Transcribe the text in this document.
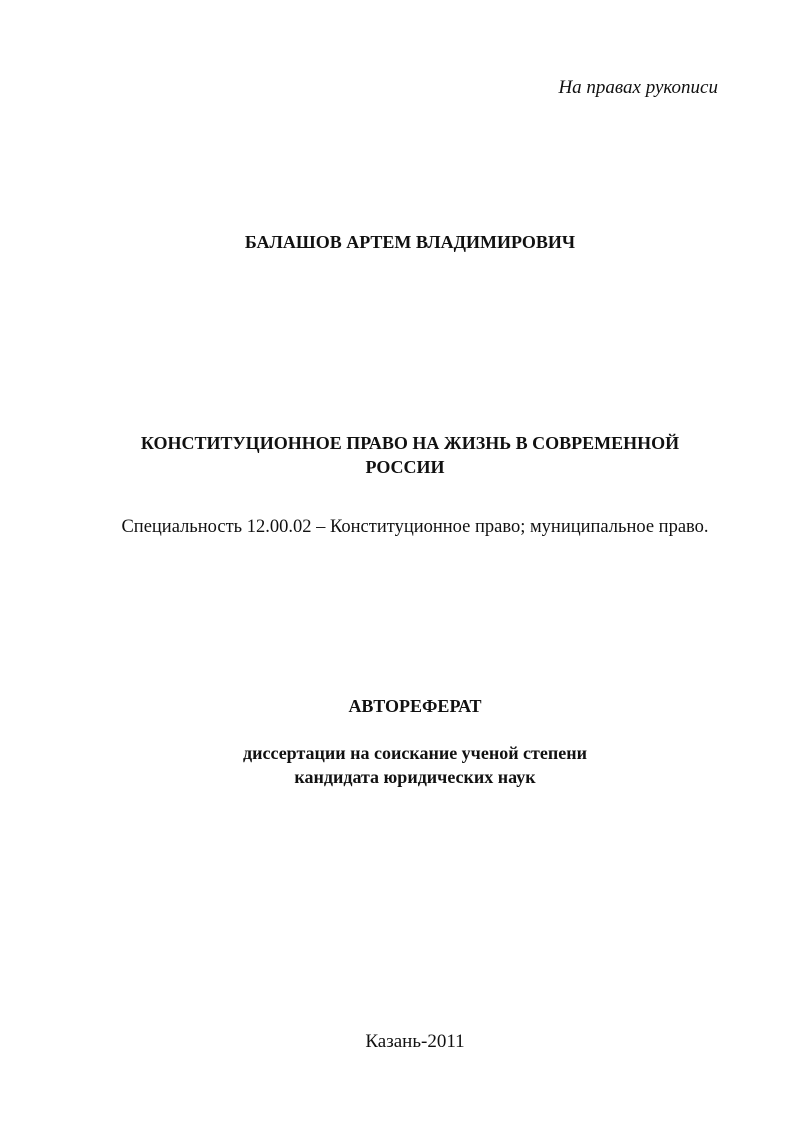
На правах рукописи
БАЛАШОВ АРТЕМ ВЛАДИМИРОВИЧ
КОНСТИТУЦИОННОЕ ПРАВО НА ЖИЗНЬ В СОВРЕМЕННОЙ
РОССИИ
Специальность 12.00.02 – Конституционное право; муниципальное право.
АВТОРЕФЕРАТ
диссертации на соискание ученой степени
кандидата юридических наук
Казань-2011
